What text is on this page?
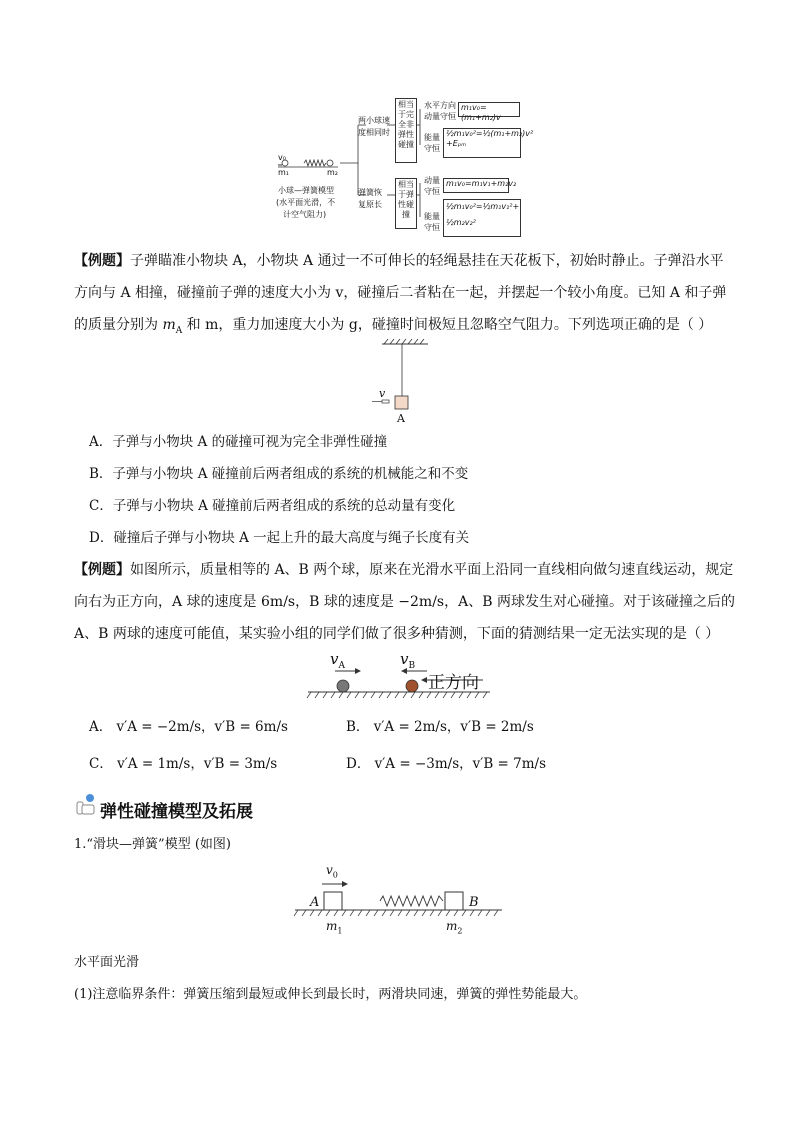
v₀
m₁	m₂
小球—弹簧模型
(水平面光滑，不
计空气阻力)
两小球速
度相同时
弹簧恢
复原长
相当
于完
全非
弹性
碰撞
相当
于弹
性碰
撞
水平方向
动量守恒
m₁v₀=(m₁+m₂)v
能量
守恒
½m₁v₀²=½(m₁+m₂)v²
+Eₚₘ
动量
守恒
m₁v₀=m₁v₁+m₂v₂
能量
守恒
½m₁v₀²=½m₁v₁²+
½m₂v₂²
【例题】子弹瞄准小物块 A，小物块 A 通过一不可伸长的轻绳悬挂在天花板下，初始时静止。子弹沿水平
方向与 A 相撞，碰撞前子弹的速度大小为 v，碰撞后二者粘在一起，并摆起一个较小角度。已知 A 和子弹
的质量分别为 $m_A$ 和 m，重力加速度大小为 g，碰撞时间极短且忽略空气阻力。下列选项正确的是（ ）
v
A
A．子弹与小物块 A 的碰撞可视为完全非弹性碰撞
B．子弹与小物块 A 碰撞前后两者组成的系统的机械能之和不变
C．子弹与小物块 A 碰撞前后两者组成的系统的总动量有变化
D．碰撞后子弹与小物块 A 一起上升的最大高度与绳子长度有关
【例题】如图所示，质量相等的 A、B 两个球，原来在光滑水平面上沿同一直线相向做匀速直线运动，规定
向右为正方向，A 球的速度是 6m/s，B 球的速度是 −2m/s，A、B 两球发生对心碰撞。对于该碰撞之后的
A、B 两球的速度可能值，某实验小组的同学们做了很多种猜测，下面的猜测结果一定无法实现的是（ ）
$v_A$	$v_B$
正方向
A． v′A = −2m/s，v′B = 6m/s	B． v′A = 2m/s，v′B = 2m/s
C． v′A = 1m/s，v′B = 3m/s	D． v′A = −3m/s，v′B = 7m/s
弹性碰撞模型及拓展
1.“滑块—弹簧”模型 (如图)
$v_0$
A	B
$m_1$	$m_2$
水平面光滑
(1)注意临界条件：弹簧压缩到最短或伸长到最长时，两滑块同速，弹簧的弹性势能最大。
